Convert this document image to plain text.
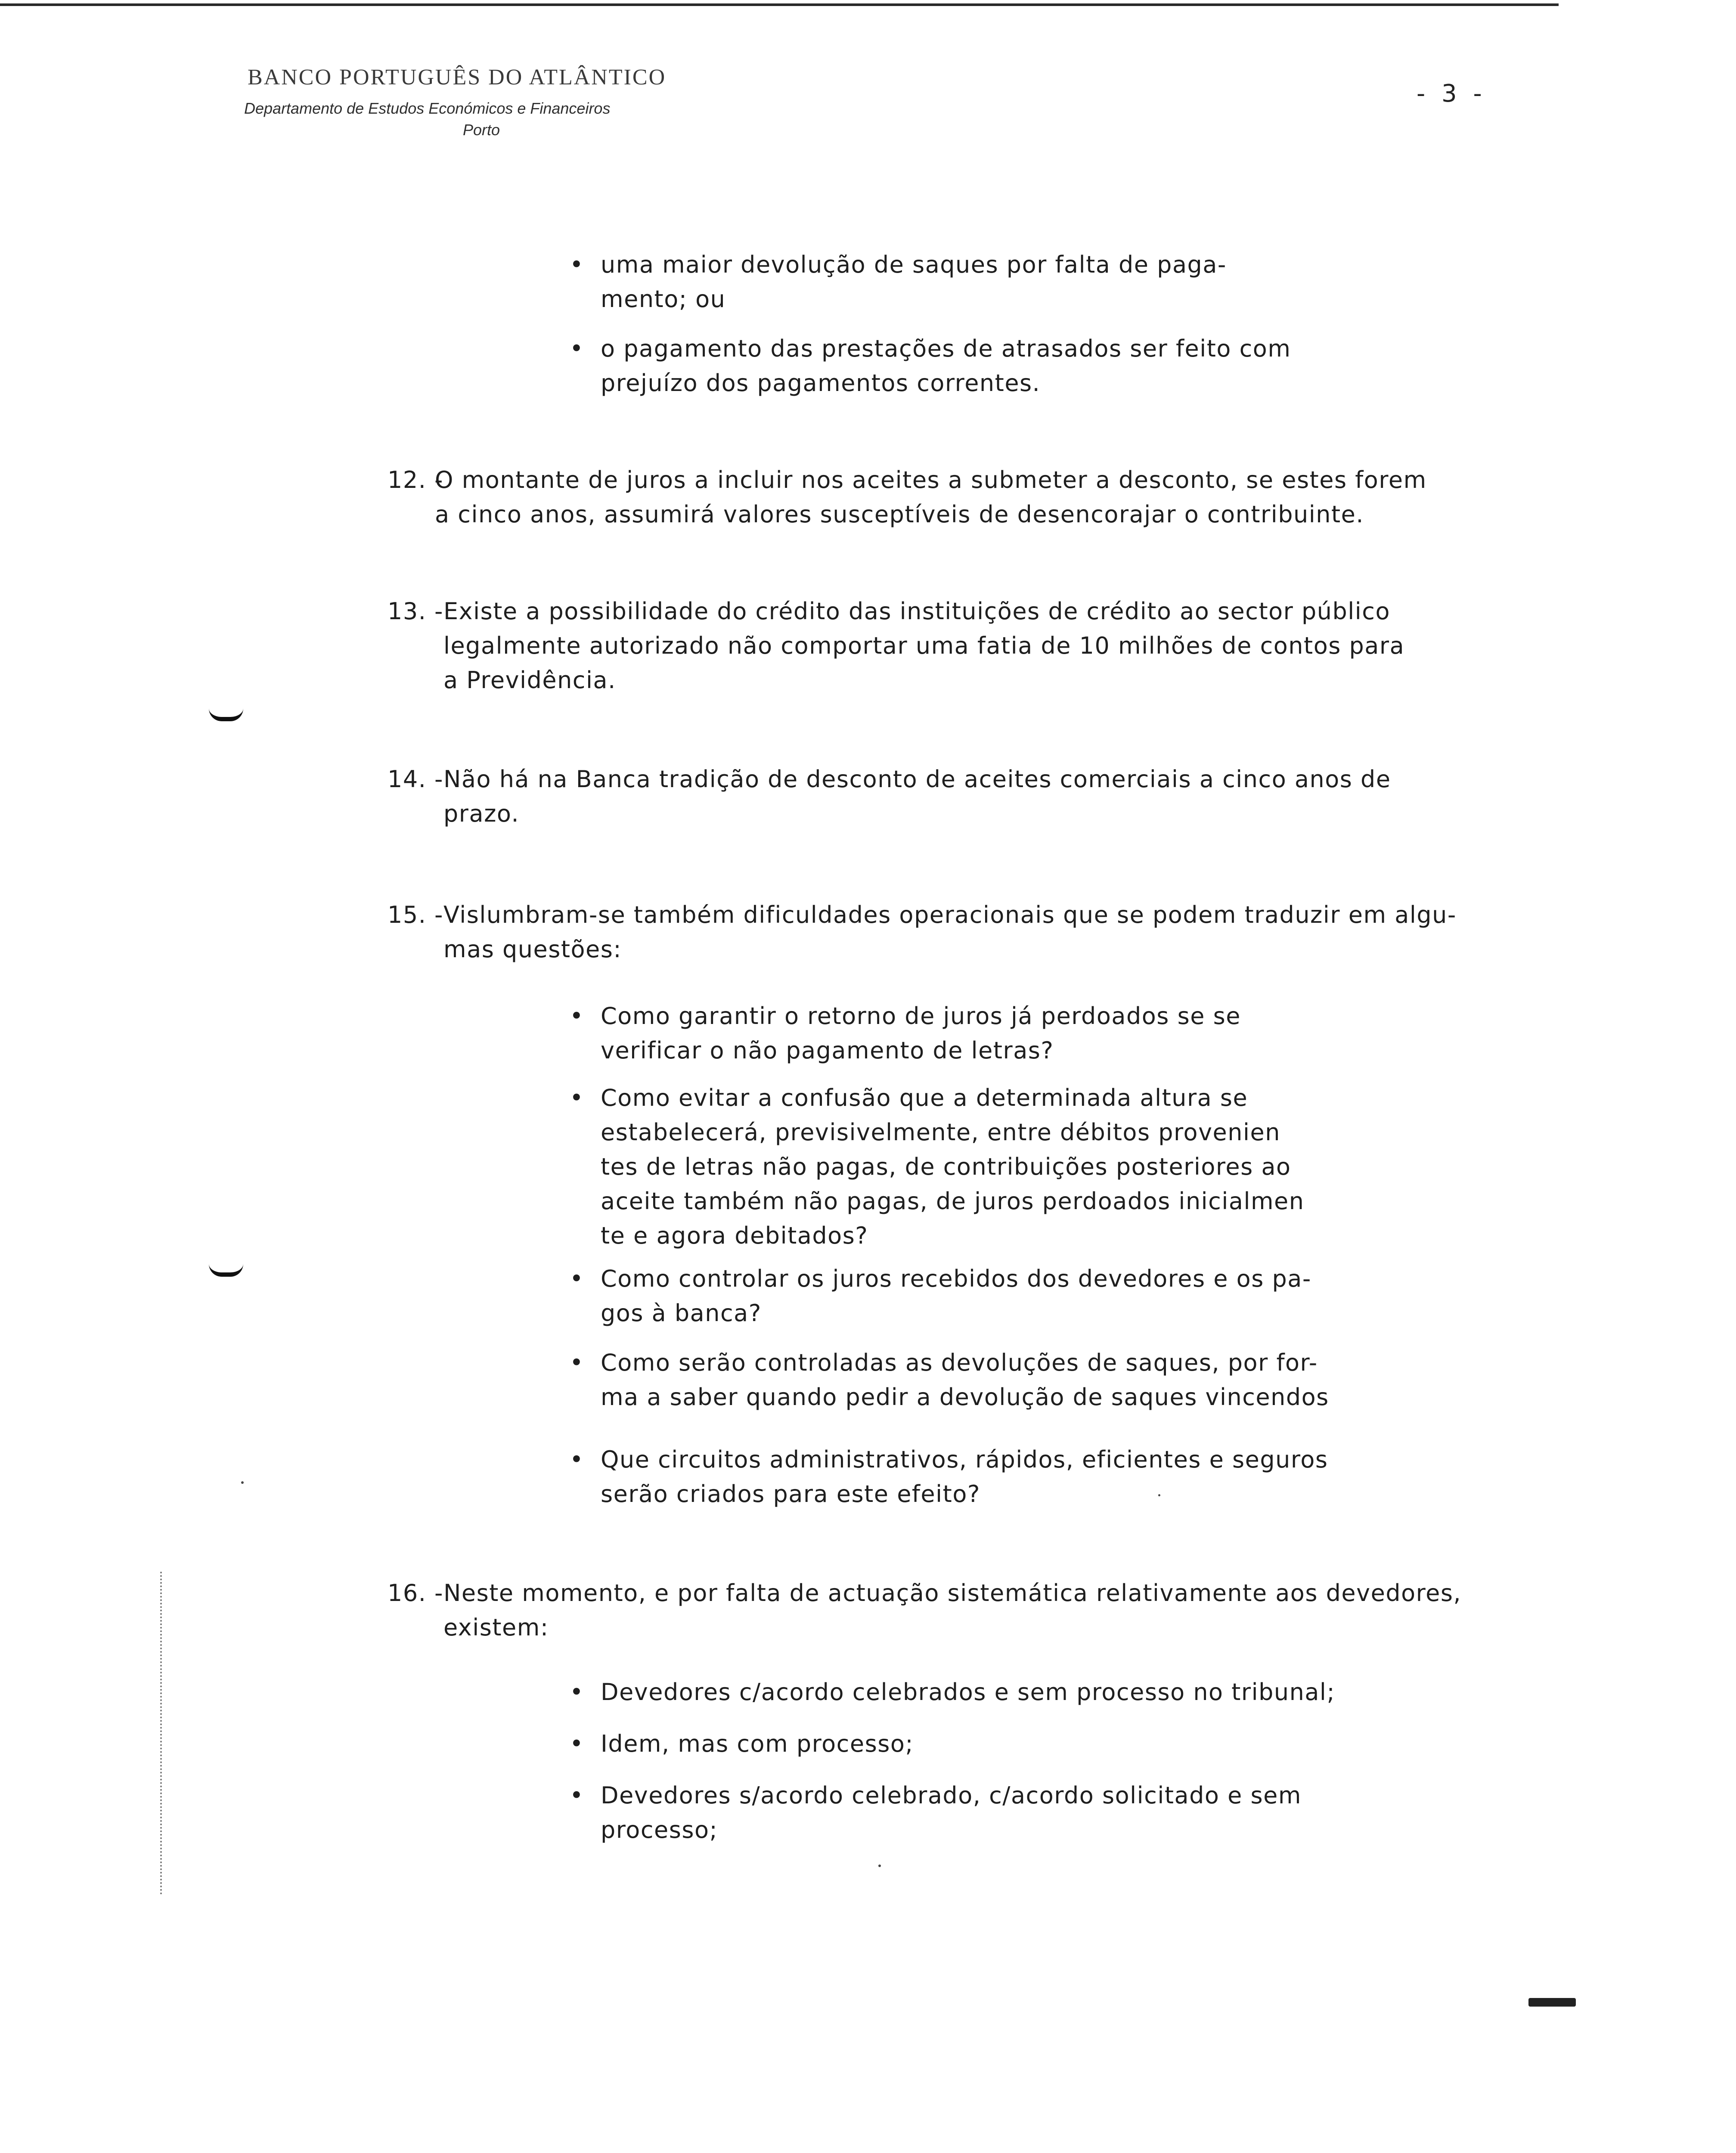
BANCO PORTUGUÊS DO ATLÂNTICO
Departamento de Estudos Económicos e Financeiros
Porto
- 3 -
• uma maior devolução de saques por falta de paga-
mento; ou
• o pagamento das prestações de atrasados ser feito com
prejuízo dos pagamentos correntes.
12. -
O montante de juros a incluir nos aceites a submeter a desconto, se estes forem
a cinco anos, assumirá valores susceptíveis de desencorajar o contribuinte.
13. - Existe a possibilidade do crédito das instituições de crédito ao sector público
legalmente autorizado não comportar uma fatia de 10 milhões de contos para
a Previdência.
14. - Não há na Banca tradição de desconto de aceites comerciais a cinco anos de
prazo.
15. - Vislumbram-se também dificuldades operacionais que se podem traduzir em algu-
mas questões:
• Como garantir o retorno de juros já perdoados se se
verificar o não pagamento de letras?
• Como evitar a confusão que a determinada altura se
estabelecerá, previsivelmente, entre débitos provenien
tes de letras não pagas, de contribuições posteriores ao
aceite também não pagas, de juros perdoados inicialmen
te e agora debitados?
• Como controlar os juros recebidos dos devedores e os pa-
gos à banca?
• Como serão controladas as devoluções de saques, por for-
ma a saber quando pedir a devolução de saques vincendos
• Que circuitos administrativos, rápidos, eficientes e seguros
serão criados para este efeito?
16. - Neste momento, e por falta de actuação sistemática relativamente aos devedores,
existem:
• Devedores c/acordo celebrados e sem processo no tribunal;
• Idem, mas com processo;
• Devedores s/acordo celebrado, c/acordo solicitado e sem
processo;
